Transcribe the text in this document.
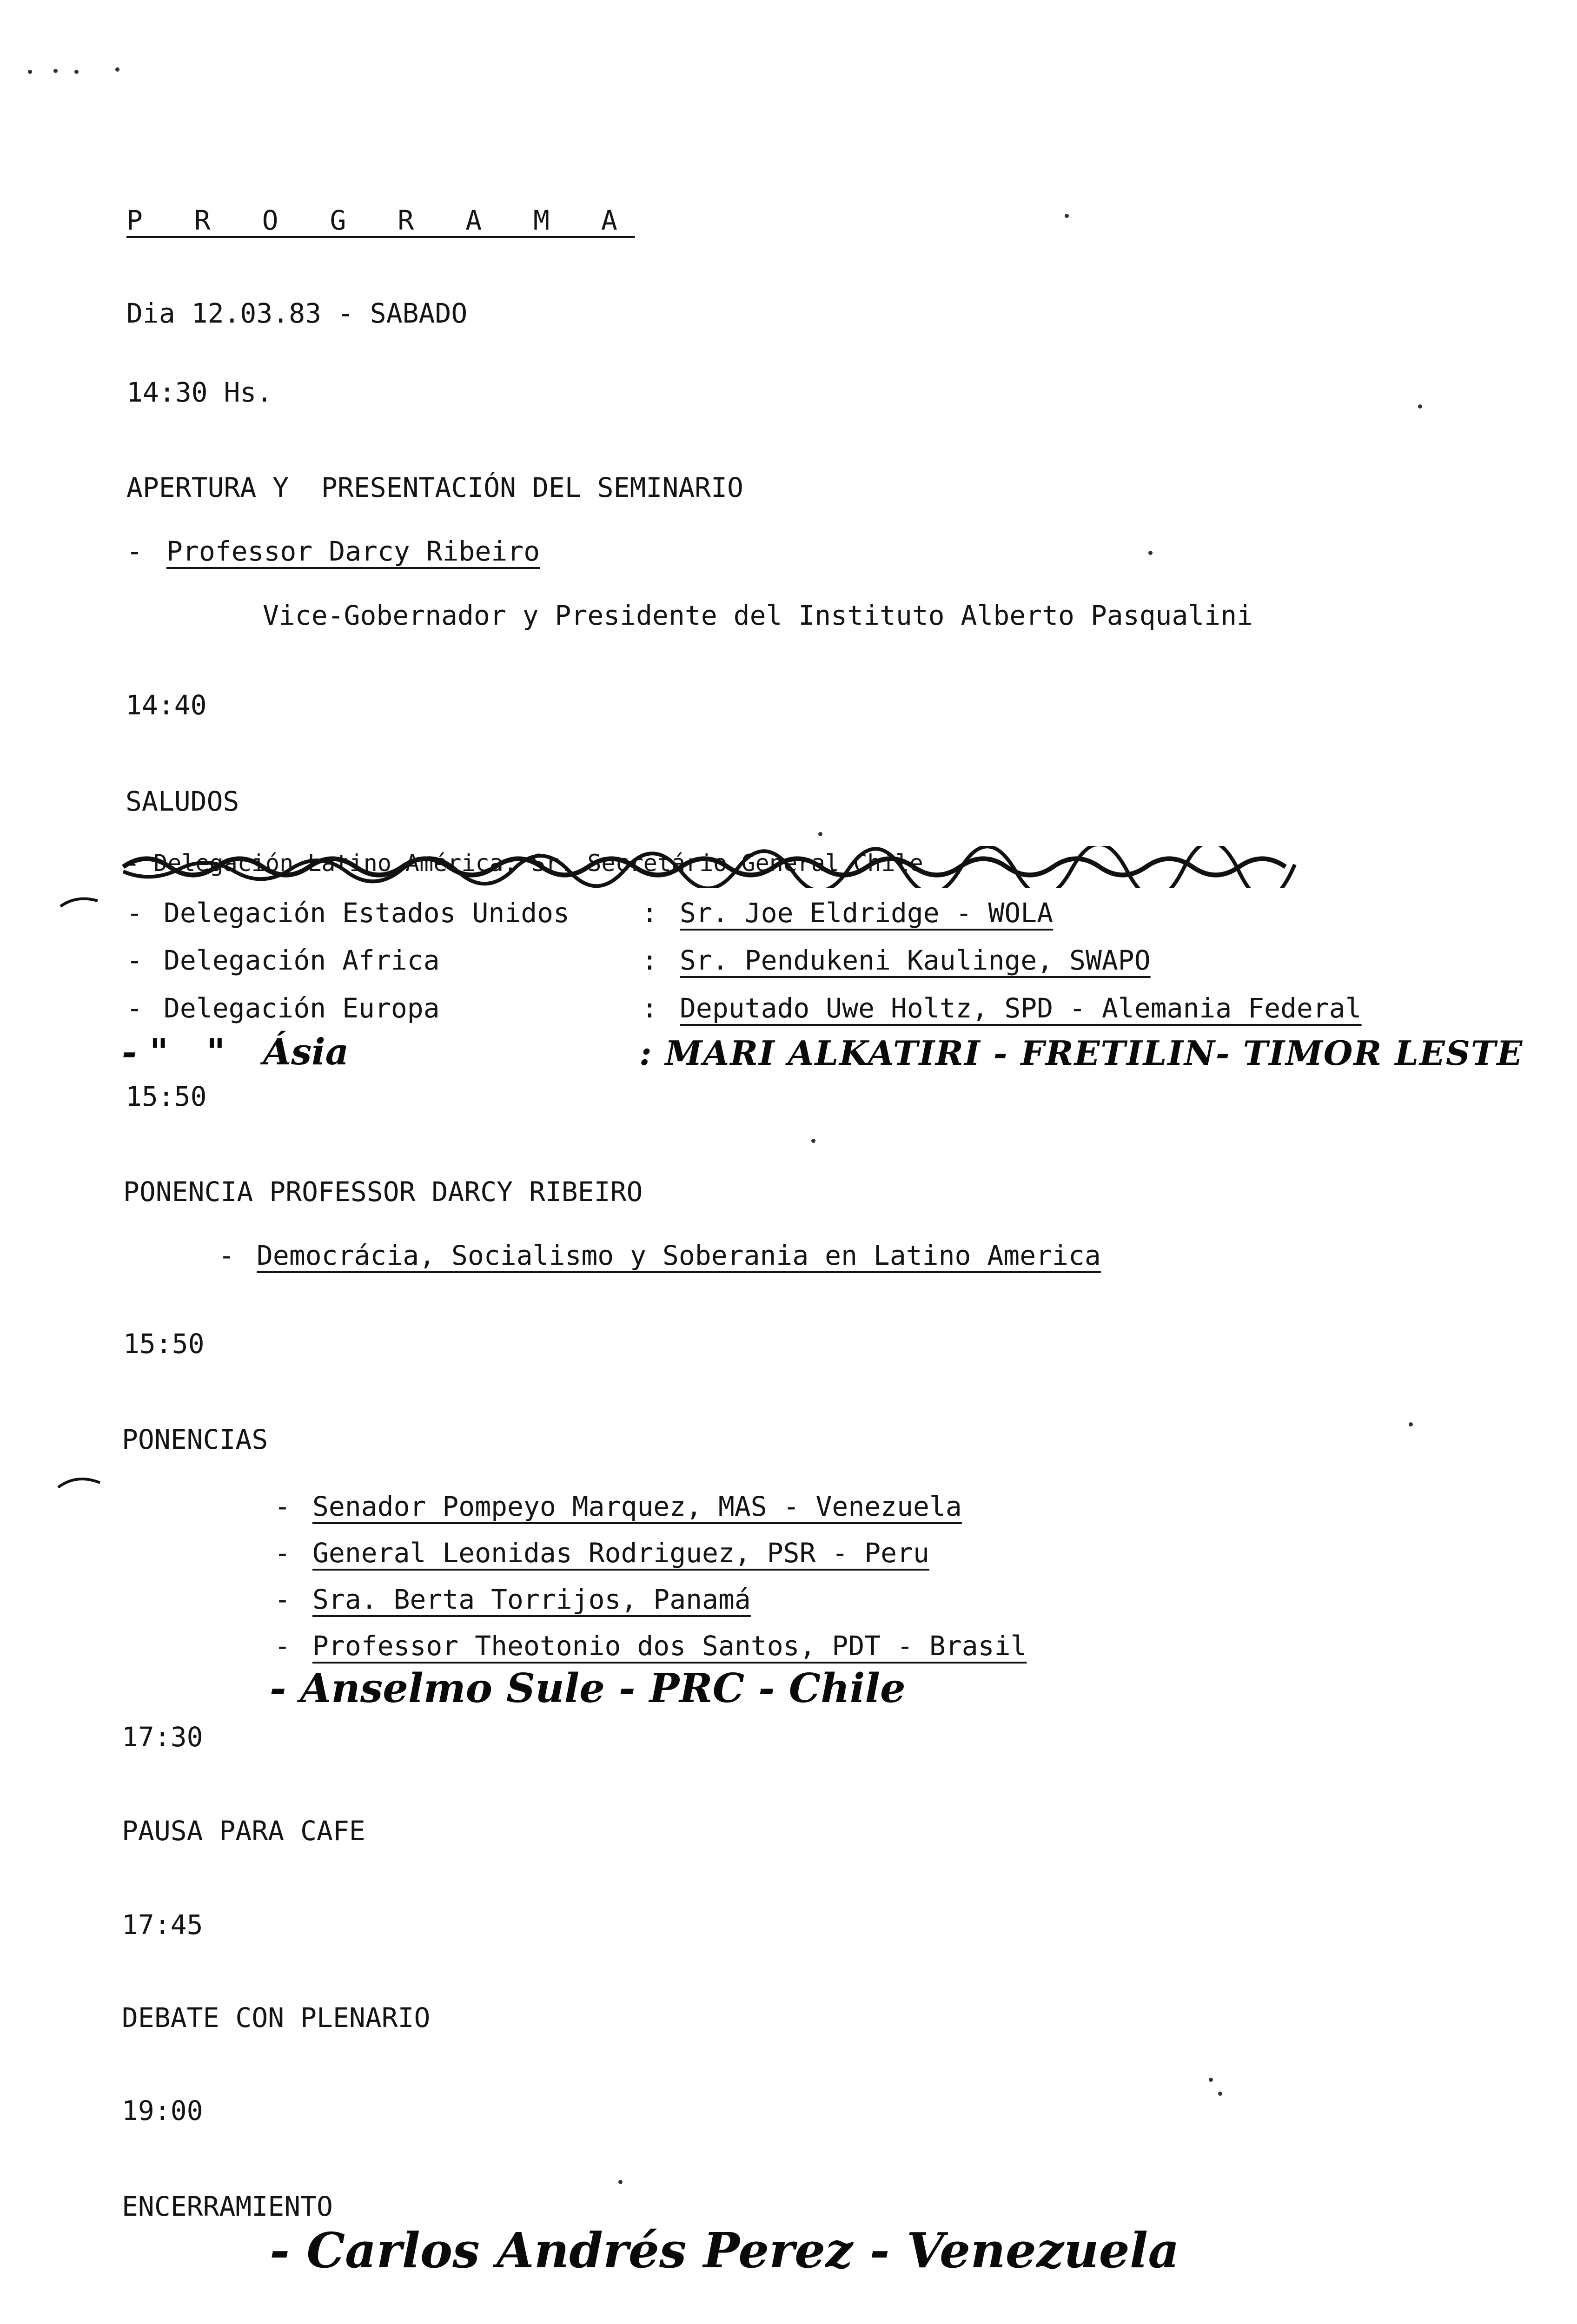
P R O G R A M A
Dia 12.03.83 - SABADO
14:30 Hs.
APERTURA Y  PRESENTACIÓN DEL SEMINARIO
- Professor Darcy Ribeiro
Vice-Gobernador y Presidente del Instituto Alberto Pasqualini
14:40
SALUDOS
- Delegación Latino América: Sr. Secretário General Chile
- Delegación Estados Unidos	: Sr. Joe Eldridge - WOLA
- Delegación Africa	: Sr. Pendukeni Kaulinge, SWAPO
- Delegación Europa	: Deputado Uwe Holtz, SPD - Alemania Federal
- "   "   Ásia	: MARI ALKATIRI - FRETILIN- TIMOR LESTE
15:50
PONENCIA PROFESSOR DARCY RIBEIRO
- Democrácia, Socialismo y Soberania en Latino America
15:50
PONENCIAS
- Senador Pompeyo Marquez, MAS - Venezuela
- General Leonidas Rodriguez, PSR - Peru
- Sra. Berta Torrijos, Panamá
- Professor Theotonio dos Santos, PDT - Brasil
- Anselmo Sule - PRC - Chile
17:30
PAUSA PARA CAFE
17:45
DEBATE CON PLENARIO
19:00
ENCERRAMIENTO
- Carlos Andrés Perez - Venezuela
